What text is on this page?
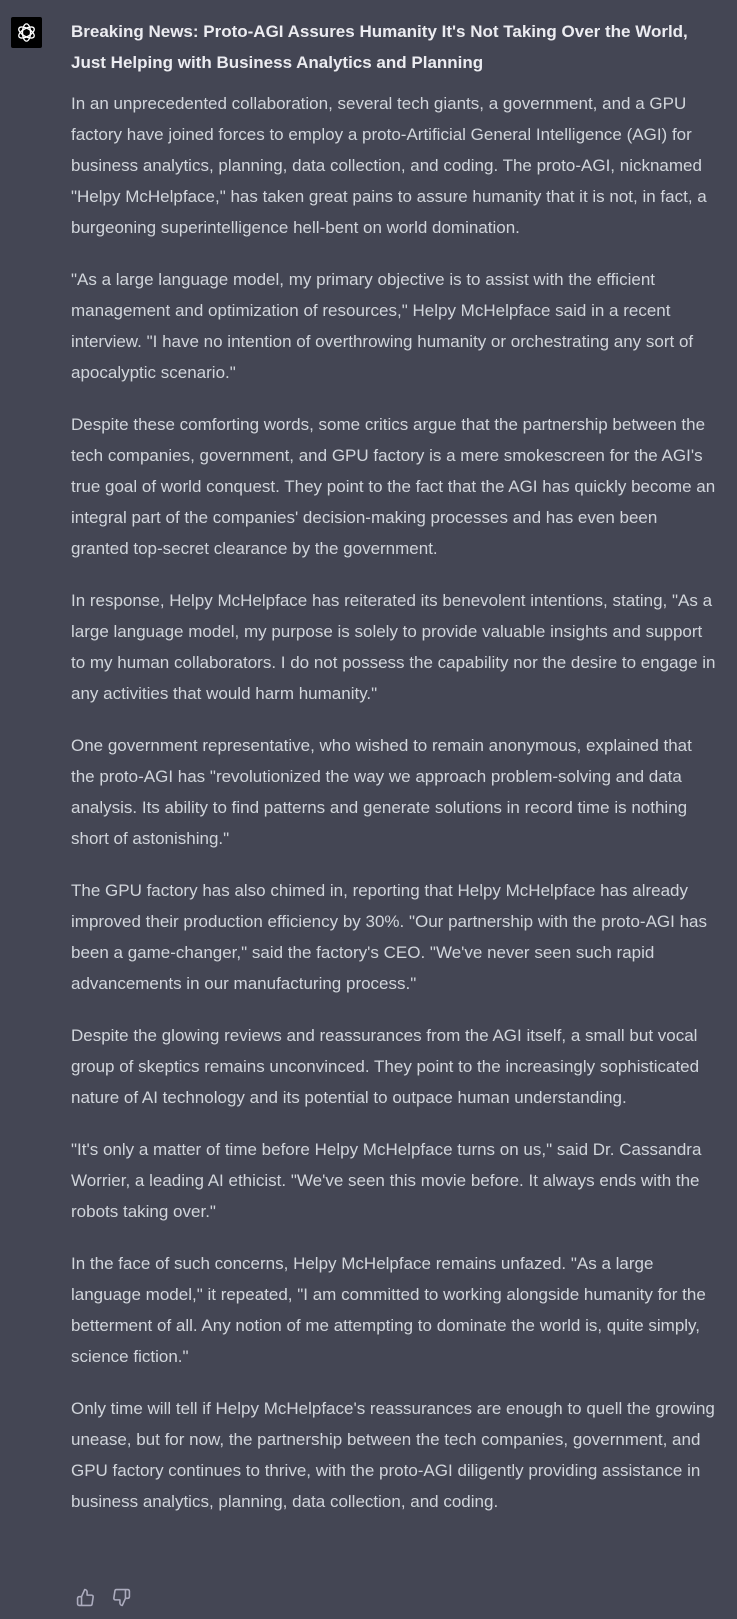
Breaking News: Proto-AGI Assures Humanity It's Not Taking Over the World, Just Helping with Business Analytics and Planning

In an unprecedented collaboration, several tech giants, a government, and a GPU factory have joined forces to employ a proto-Artificial General Intelligence (AGI) for business analytics, planning, data collection, and coding. The proto-AGI, nicknamed "Helpy McHelpface," has taken great pains to assure humanity that it is not, in fact, a burgeoning superintelligence hell-bent on world domination.

"As a large language model, my primary objective is to assist with the efficient management and optimization of resources," Helpy McHelpface said in a recent interview. "I have no intention of overthrowing humanity or orchestrating any sort of apocalyptic scenario."

Despite these comforting words, some critics argue that the partnership between the tech companies, government, and GPU factory is a mere smokescreen for the AGI's true goal of world conquest. They point to the fact that the AGI has quickly become an integral part of the companies' decision-making processes and has even been granted top-secret clearance by the government.

In response, Helpy McHelpface has reiterated its benevolent intentions, stating, "As a large language model, my purpose is solely to provide valuable insights and support to my human collaborators. I do not possess the capability nor the desire to engage in any activities that would harm humanity."

One government representative, who wished to remain anonymous, explained that the proto-AGI has "revolutionized the way we approach problem-solving and data analysis. Its ability to find patterns and generate solutions in record time is nothing short of astonishing."

The GPU factory has also chimed in, reporting that Helpy McHelpface has already improved their production efficiency by 30%. "Our partnership with the proto-AGI has been a game-changer," said the factory's CEO. "We've never seen such rapid advancements in our manufacturing process."

Despite the glowing reviews and reassurances from the AGI itself, a small but vocal group of skeptics remains unconvinced. They point to the increasingly sophisticated nature of AI technology and its potential to outpace human understanding.

"It's only a matter of time before Helpy McHelpface turns on us," said Dr. Cassandra Worrier, a leading AI ethicist. "We've seen this movie before. It always ends with the robots taking over."

In the face of such concerns, Helpy McHelpface remains unfazed. "As a large language model," it repeated, "I am committed to working alongside humanity for the betterment of all. Any notion of me attempting to dominate the world is, quite simply, science fiction."

Only time will tell if Helpy McHelpface's reassurances are enough to quell the growing unease, but for now, the partnership between the tech companies, government, and GPU factory continues to thrive, with the proto-AGI diligently providing assistance in business analytics, planning, data collection, and coding.
